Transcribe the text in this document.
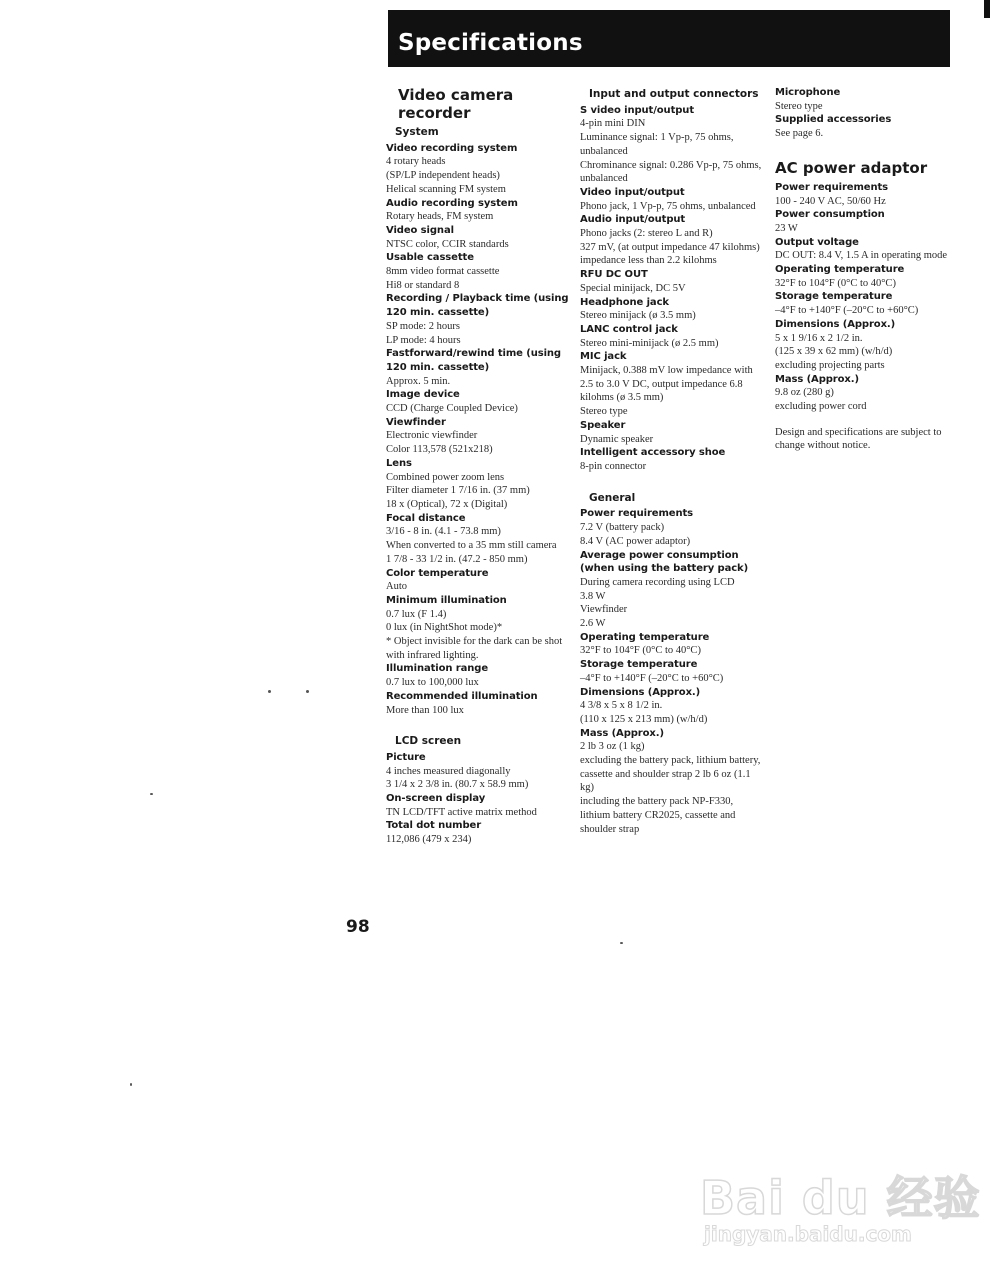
Specifications
Video camera recorder
System
Video recording system
4 rotary heads
(SP/LP independent heads)
Helical scanning FM system
Audio recording system
Rotary heads, FM system
Video signal
NTSC color, CCIR standards
Usable cassette
8mm video format cassette
Hi8 or standard 8
Recording / Playback time (using 120 min. cassette)
SP mode: 2 hours
LP mode: 4 hours
Fastforward/rewind time (using 120 min. cassette)
Approx. 5 min.
Image device
CCD (Charge Coupled Device)
Viewfinder
Electronic viewfinder
Color 113,578 (521x218)
Lens
Combined power zoom lens
Filter diameter 1 7/16 in. (37 mm)
18 x (Optical), 72 x (Digital)
Focal distance
3/16 - 8 in. (4.1 - 73.8 mm)
When converted to a 35 mm still camera
1 7/8 - 33 1/2 in. (47.2 - 850 mm)
Color temperature
Auto
Minimum illumination
0.7 lux (F 1.4)
0 lux (in NightShot mode)*
* Object invisible for the dark can be shot with infrared lighting.
Illumination range
0.7 lux to 100,000 lux
Recommended illumination
More than 100 lux
LCD screen
Picture
4 inches measured diagonally
3 1/4 x 2 3/8 in. (80.7 x 58.9 mm)
On-screen display
TN LCD/TFT active matrix method
Total dot number
112,086 (479 x 234)
Input and output connectors
S video input/output
4-pin mini DIN
Luminance signal: 1 Vp-p, 75 ohms, unbalanced
Chrominance signal: 0.286 Vp-p, 75 ohms, unbalanced
Video input/output
Phono jack, 1 Vp-p, 75 ohms, unbalanced
Audio input/output
Phono jacks (2: stereo L and R)
327 mV, (at output impedance 47 kilohms) impedance less than 2.2 kilohms
RFU DC OUT
Special minijack, DC 5V
Headphone jack
Stereo minijack (ø 3.5 mm)
LANC control jack
Stereo mini-minijack (ø 2.5 mm)
MIC jack
Minijack, 0.388 mV low impedance with 2.5 to 3.0 V DC, output impedance 6.8 kilohms (ø 3.5 mm)
Stereo type
Speaker
Dynamic speaker
Intelligent accessory shoe
8-pin connector
General
Power requirements
7.2 V (battery pack)
8.4 V (AC power adaptor)
Average power consumption (when using the battery pack)
During camera recording using LCD
3.8 W
Viewfinder
2.6 W
Operating temperature
32°F to 104°F (0°C to 40°C)
Storage temperature
–4°F to +140°F (–20°C to +60°C)
Dimensions (Approx.)
4 3/8 x 5 x 8 1/2 in.
(110 x 125 x 213 mm) (w/h/d)
Mass (Approx.)
2 lb 3 oz (1 kg)
excluding the battery pack, lithium battery, cassette and shoulder strap 2 lb 6 oz (1.1 kg)
including the battery pack NP-F330, lithium battery CR2025, cassette and shoulder strap
Microphone
Stereo type
Supplied accessories
See page 6.
AC power adaptor
Power requirements
100 - 240 V AC, 50/60 Hz
Power consumption
23 W
Output voltage
DC OUT: 8.4 V, 1.5 A in operating mode
Operating temperature
32°F to 104°F (0°C to 40°C)
Storage temperature
–4°F to +140°F (–20°C to +60°C)
Dimensions (Approx.)
5 x 1 9/16 x 2 1/2 in.
(125 x 39 x 62 mm) (w/h/d)
excluding projecting parts
Mass (Approx.)
9.8 oz (280 g)
excluding power cord
Design and specifications are subject to change without notice.
98
Bai du 经验
jingyan.baidu.com
